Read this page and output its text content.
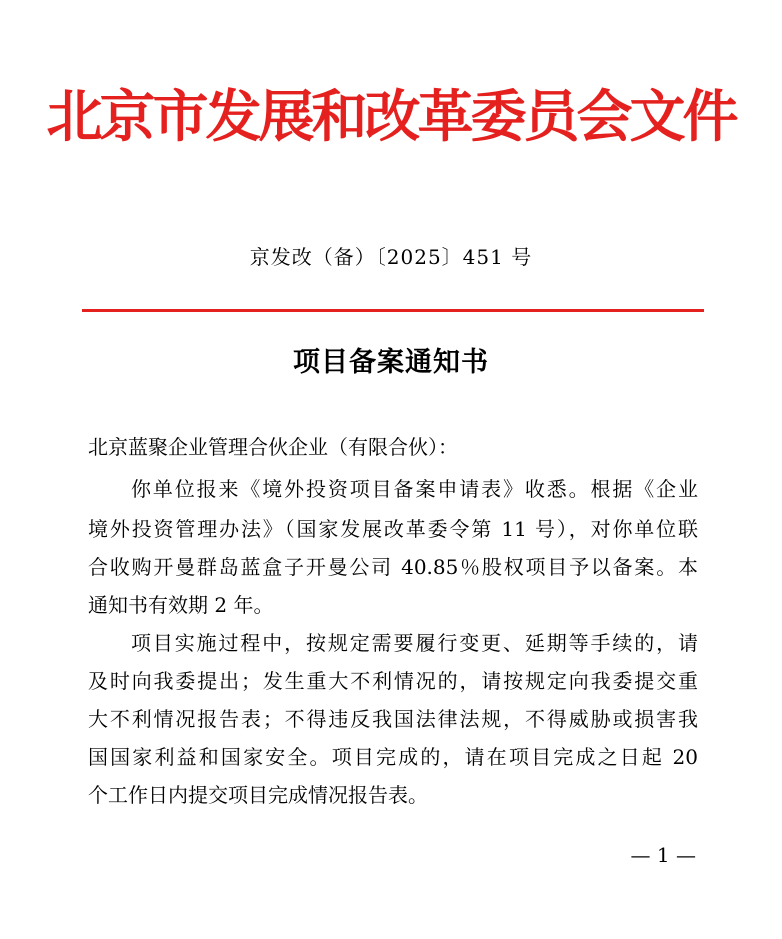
北京市发展和改革委员会文件
京发改（备）〔2025〕451 号
项目备案通知书
北京蓝聚企业管理合伙企业（有限合伙）：
你单位报来《境外投资项目备案申请表》收悉。根据《企业
境外投资管理办法》（国家发展改革委令第 11 号），对你单位联
合收购开曼群岛蓝盒子开曼公司 40.85％股权项目予以备案。本
通知书有效期 2 年。
项目实施过程中，按规定需要履行变更、延期等手续的，请
及时向我委提出；发生重大不利情况的，请按规定向我委提交重
大不利情况报告表；不得违反我国法律法规，不得威胁或损害我
国国家利益和国家安全。项目完成的，请在项目完成之日起 20
个工作日内提交项目完成情况报告表。
— 1 —
